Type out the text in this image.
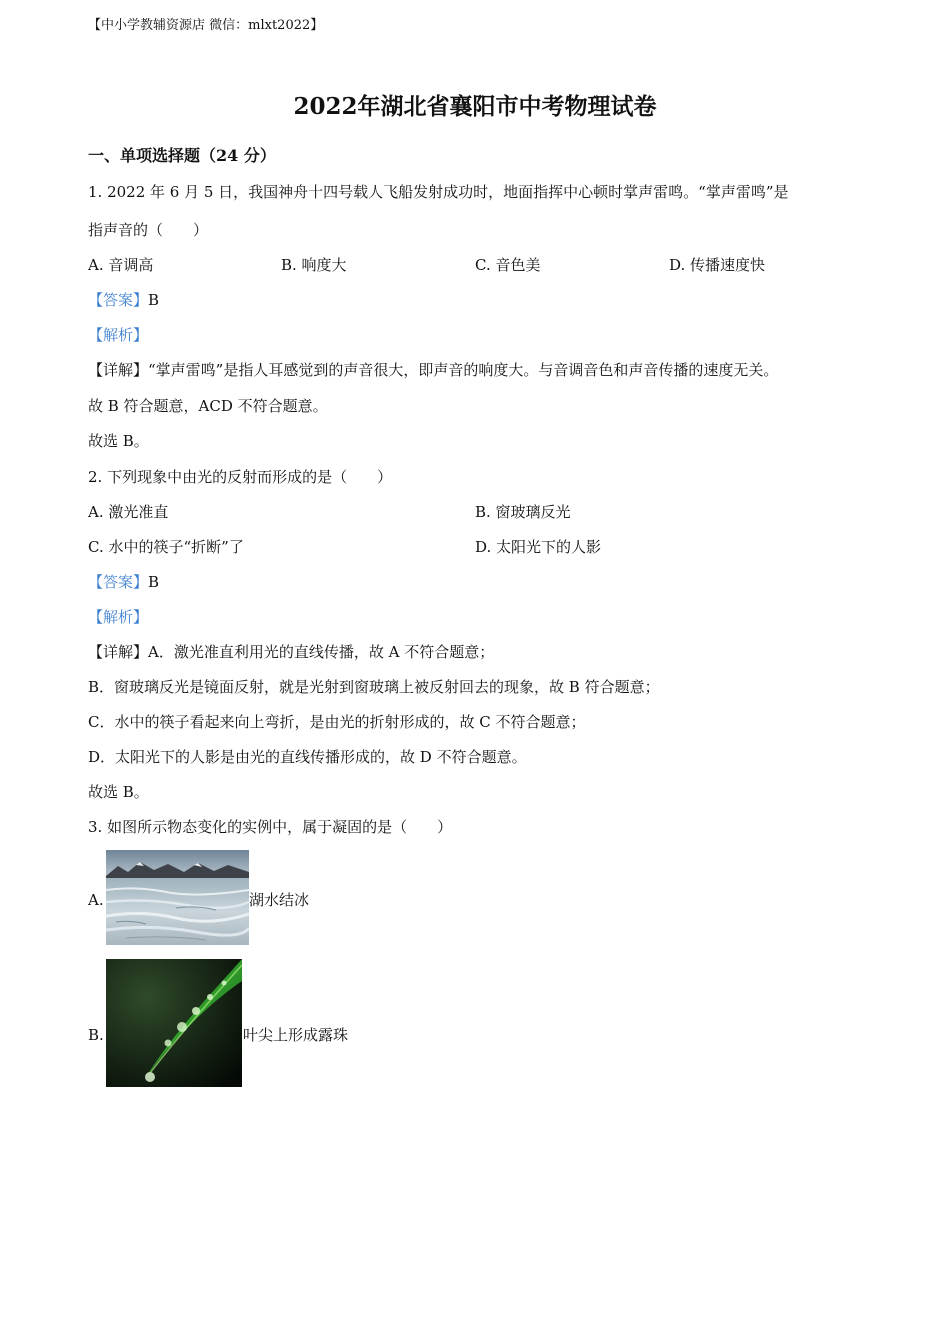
【中小学教辅资源店 微信：mlxt2022】
2022年湖北省襄阳市中考物理试卷
一、单项选择题（24 分）
1. 2022 年 6 月 5 日，我国神舟十四号载人飞船发射成功时，地面指挥中心顿时掌声雷鸣。“掌声雷鸣”是
指声音的（　　）
A. 音调高	B. 响度大	C. 音色美	D. 传播速度快
【答案】B
【解析】
【详解】“掌声雷鸣”是指人耳感觉到的声音很大，即声音的响度大。与音调音色和声音传播的速度无关。
故 B 符合题意，ACD 不符合题意。
故选 B。
2. 下列现象中由光的反射而形成的是（　　）
A. 激光准直	B. 窗玻璃反光
C. 水中的筷子“折断”了	D. 太阳光下的人影
【答案】B
【解析】
【详解】A．激光准直利用光的直线传播，故 A 不符合题意；
B．窗玻璃反光是镜面反射，就是光射到窗玻璃上被反射回去的现象，故 B 符合题意；
C．水中的筷子看起来向上弯折，是由光的折射形成的，故 C 不符合题意；
D．太阳光下的人影是由光的直线传播形成的，故 D 不符合题意。
故选 B。
3. 如图所示物态变化的实例中，属于凝固的是（　　）
A.	湖水结冰
B.	叶尖上形成露珠
